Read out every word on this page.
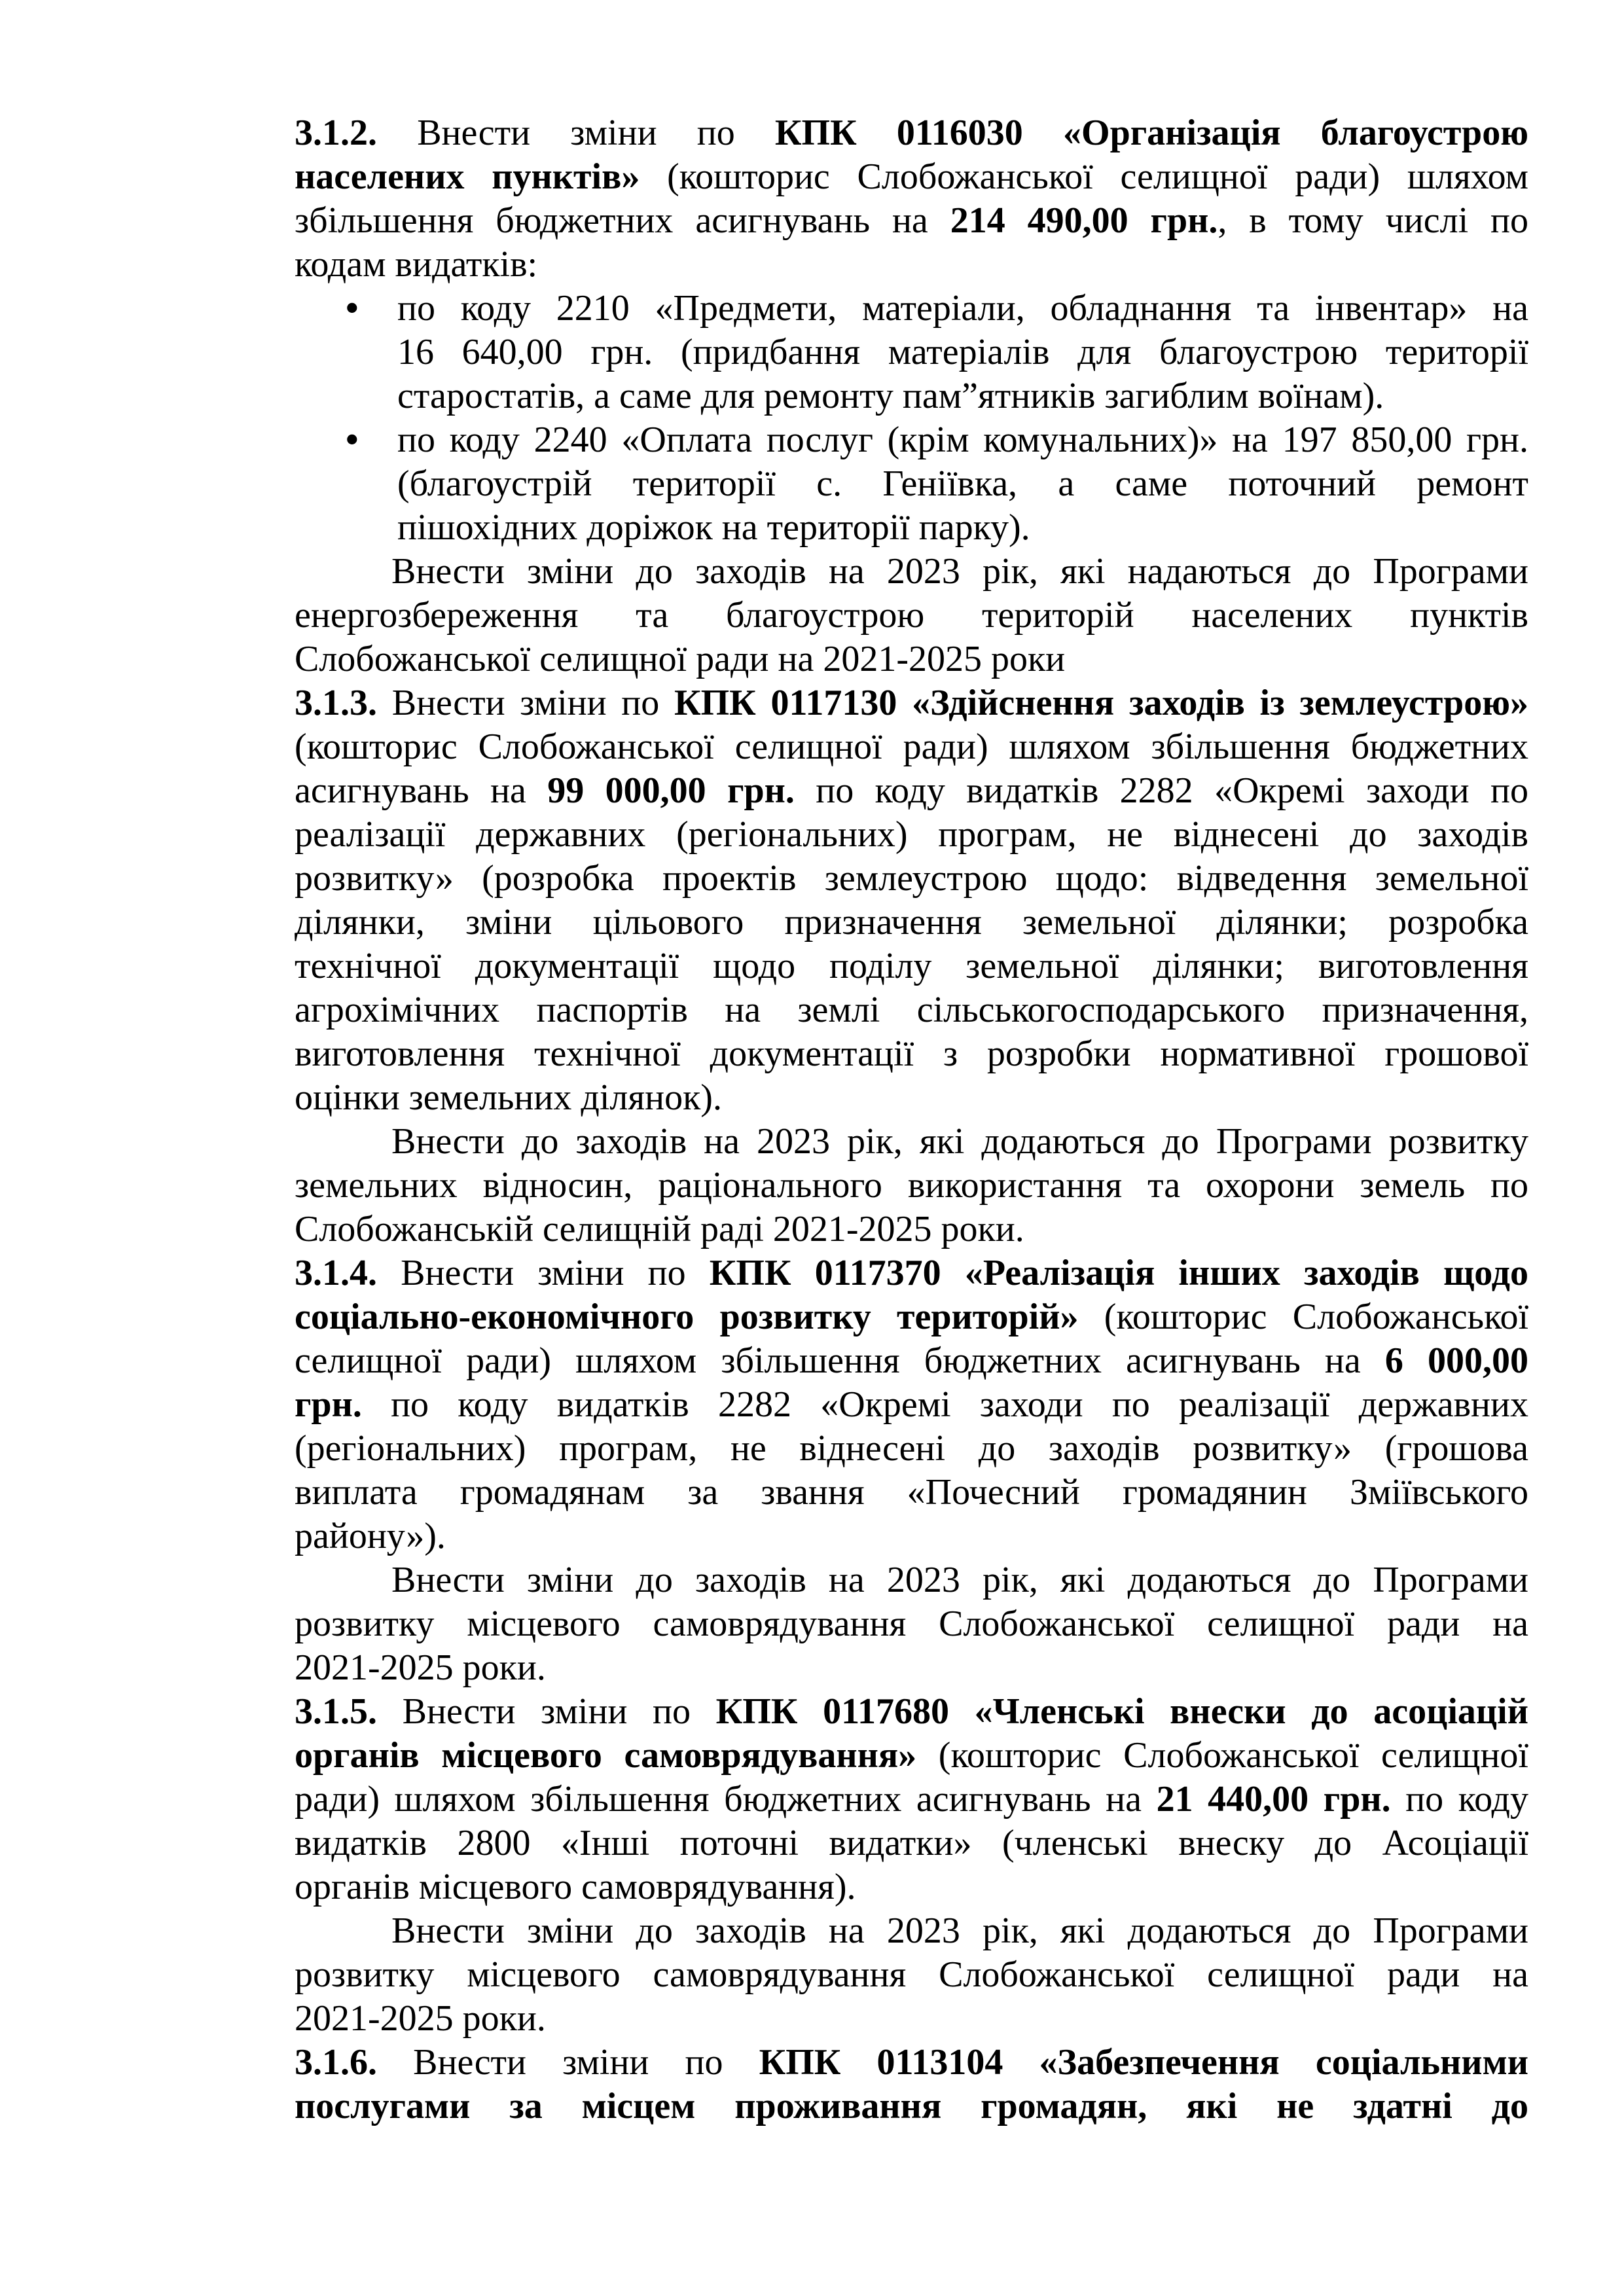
3.1.2. Внести зміни по КПК 0116030 «Організація благоустрою
населених пунктів» (кошторис Слобожанської селищної ради) шляхом
збільшення бюджетних асигнувань на 214 490,00 грн., в тому числі по
кодам видатків:
• по коду 2210 «Предмети, матеріали, обладнання та інвентар» на
16 640,00 грн. (придбання матеріалів для благоустрою території
старостатів, а саме для ремонту пам”ятників загиблим воїнам).
• по коду 2240 «Оплата послуг (крім комунальних)» на 197 850,00 грн.
(благоустрій території с. Геніївка, а саме поточний ремонт
пішохідних доріжок на території парку).
Внести зміни до заходів на 2023 рік, які надаються до Програми
енергозбереження та благоустрою територій населених пунктів
Слобожанської селищної ради на 2021-2025 роки
3.1.3. Внести зміни по КПК 0117130 «Здійснення заходів із землеустрою»
(кошторис Слобожанської селищної ради) шляхом збільшення бюджетних
асигнувань на 99 000,00 грн. по коду видатків 2282 «Окремі заходи по
реалізації державних (регіональних) програм, не віднесені до заходів
розвитку» (розробка проектів землеустрою щодо: відведення земельної
ділянки, зміни цільового призначення земельної ділянки; розробка
технічної документації щодо поділу земельної ділянки; виготовлення
агрохімічних паспортів на землі сільськогосподарського призначення,
виготовлення технічної документації з розробки нормативної грошової
оцінки земельних ділянок).
Внести до заходів на 2023 рік, які додаються до Програми розвитку
земельних відносин, раціонального використання та охорони земель по
Слобожанській селищній раді 2021-2025 роки.
3.1.4. Внести зміни по КПК 0117370 «Реалізація інших заходів щодо
соціально-економічного розвитку територій» (кошторис Слобожанської
селищної ради) шляхом збільшення бюджетних асигнувань на 6 000,00
грн. по коду видатків 2282 «Окремі заходи по реалізації державних
(регіональних) програм, не віднесені до заходів розвитку» (грошова
виплата громадянам за звання «Почесний громадянин Зміївського
району»).
Внести зміни до заходів на 2023 рік, які додаються до Програми
розвитку місцевого самоврядування Слобожанської селищної ради на
2021-2025 роки.
3.1.5. Внести зміни по КПК 0117680 «Членські внески до асоціацій
органів місцевого самоврядування» (кошторис Слобожанської селищної
ради) шляхом збільшення бюджетних асигнувань на 21 440,00 грн. по коду
видатків 2800 «Інші поточні видатки» (членські внеску до Асоціації
органів місцевого самоврядування).
Внести зміни до заходів на 2023 рік, які додаються до Програми
розвитку місцевого самоврядування Слобожанської селищної ради на
2021-2025 роки.
3.1.6. Внести зміни по КПК 0113104 «Забезпечення соціальними
послугами за місцем проживання громадян, які не здатні до
